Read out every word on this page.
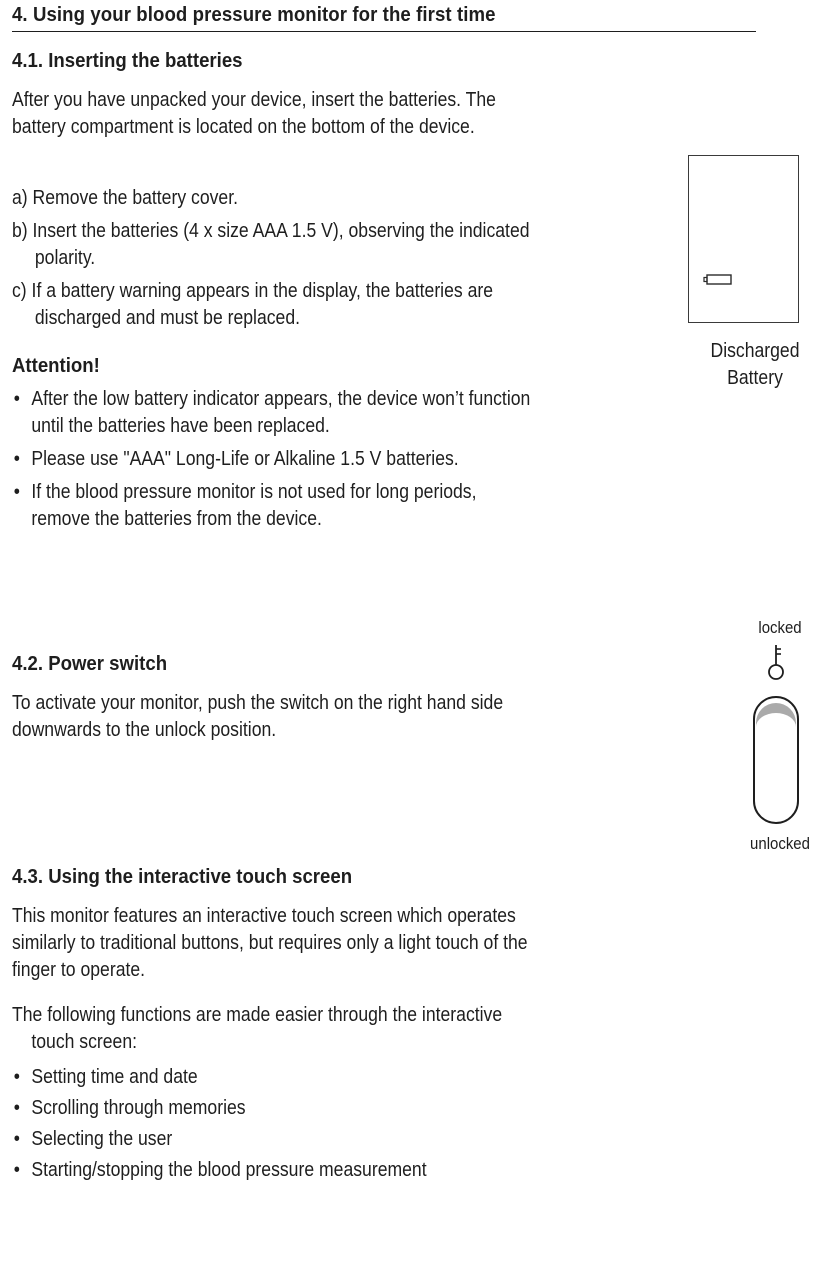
4. Using your blood pressure monitor for the first time
4.1. Inserting the batteries

After you have unpacked your device, insert the batteries. The battery compartment is located on the bottom of the device.

a) Remove the battery cover.
b) Insert the batteries (4 x size AAA 1.5 V), observing the indicated polarity.
c) If a battery warning appears in the display, the batteries are discharged and must be replaced.
Attention!
• After the low battery indicator appears, the device won’t function until the batteries have been replaced.
• Please use "AAA" Long-Life or Alkaline 1.5 V batteries.
• If the blood pressure monitor is not used for long periods, remove the batteries from the device.
Discharged Battery
4.2. Power switch

To activate your monitor, push the switch on the right hand side downwards to the unlock position.

locked
unlocked
4.3. Using the interactive touch screen

This monitor features an interactive touch screen which operates similarly to traditional buttons, but requires only a light touch of the finger to operate.

The following functions are made easier through the interactive touch screen:

• Setting time and date
• Scrolling through memories
• Selecting the user
• Starting/stopping the blood pressure measurement
